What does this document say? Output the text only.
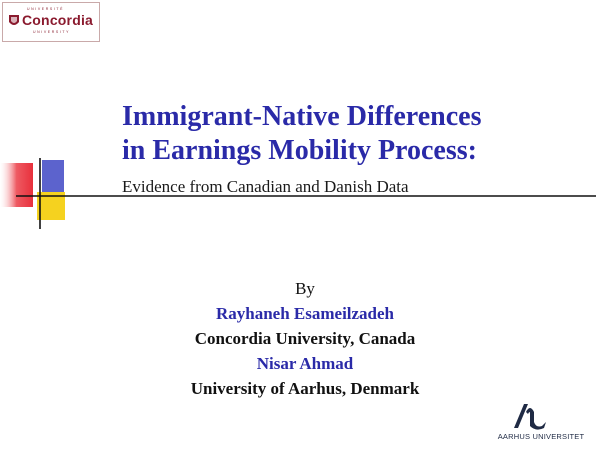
UNIVERSITÉ
Concordia
UNIVERSITY
Immigrant-Native Differences
in Earnings Mobility Process:

Evidence from Canadian and Danish Data

By
Rayhaneh Esameilzadeh
Concordia University, Canada
Nisar Ahmad
University of Aarhus, Denmark
AARHUS UNIVERSITET
